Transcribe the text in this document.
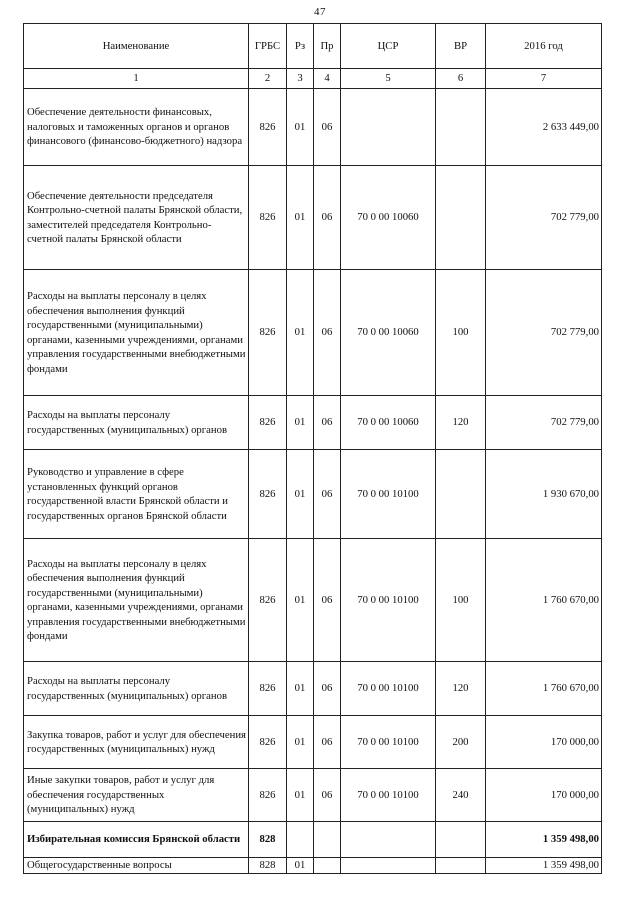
47
Наименование	ГРБС	Рз	Пр	ЦСР	ВР	2016 год
1	2	3	4	5	6	7
Обеспечение деятельности финансовых, налоговых и таможенных органов и органов финансового (финансово-бюджетного) надзора	826	01	06			2 633 449,00
Обеспечение деятельности председателя Контрольно-счетной палаты Брянской области, заместителей председателя Контрольно-счетной палаты Брянской области	826	01	06	70 0 00 10060		702 779,00
Расходы на выплаты персоналу в целях обеспечения выполнения функций государственными (муниципальными) органами, казенными учреждениями, органами управления государственными внебюджетными фондами	826	01	06	70 0 00 10060	100	702 779,00
Расходы на выплаты персоналу государственных (муниципальных) органов	826	01	06	70 0 00 10060	120	702 779,00
Руководство и управление в сфере установленных функций органов государственной власти Брянской области и государственных органов Брянской области	826	01	06	70 0 00 10100		1 930 670,00
Расходы на выплаты персоналу в целях обеспечения выполнения функций государственными (муниципальными) органами, казенными учреждениями, органами управления государственными внебюджетными фондами	826	01	06	70 0 00 10100	100	1 760 670,00
Расходы на выплаты персоналу государственных (муниципальных) органов	826	01	06	70 0 00 10100	120	1 760 670,00
Закупка товаров, работ и услуг для обеспечения государственных (муниципальных) нужд	826	01	06	70 0 00 10100	200	170 000,00
Иные закупки товаров, работ и услуг для обеспечения государственных (муниципальных) нужд	826	01	06	70 0 00 10100	240	170 000,00
Избирательная комиссия Брянской области	828					1 359 498,00
Общегосударственные вопросы	828	01				1 359 498,00
